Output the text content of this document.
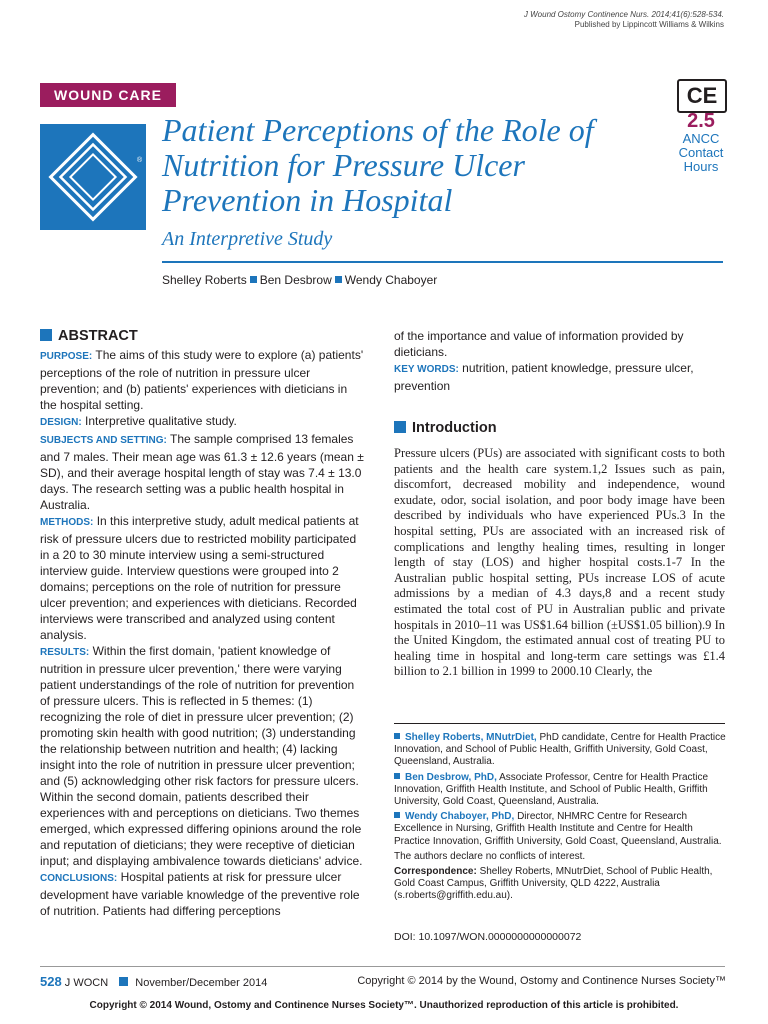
J Wound Ostomy Continence Nurs. 2014;41(6):528-534.
Published by Lippincott Williams & Wilkins
WOUND CARE
®
Patient Perceptions of the Role of Nutrition for Pressure Ulcer Prevention in Hospital
An Interpretive Study
CE
2.5
ANCC
Contact
Hours
Shelley Roberts Ben Desbrow Wendy Chaboyer
ABSTRACT

PURPOSE: The aims of this study were to explore (a) patients' perceptions of the role of nutrition in pressure ulcer prevention; and (b) patients' experiences with dieticians in the hospital setting.

DESIGN: Interpretive qualitative study.

SUBJECTS AND SETTING: The sample comprised 13 females and 7 males. Their mean age was 61.3 ± 12.6 years (mean ± SD), and their average hospital length of stay was 7.4 ± 13.0 days. The research setting was a public health hospital in Australia.

METHODS: In this interpretive study, adult medical patients at risk of pressure ulcers due to restricted mobility participated in a 20 to 30 minute interview using a semi-structured interview guide. Interview questions were grouped into 2 domains; perceptions on the role of nutrition for pressure ulcer prevention; and experiences with dieticians. Recorded interviews were transcribed and analyzed using content analysis.

RESULTS: Within the first domain, 'patient knowledge of nutrition in pressure ulcer prevention,' there were varying patient understandings of the role of nutrition for prevention of pressure ulcers. This is reflected in 5 themes: (1) recognizing the role of diet in pressure ulcer prevention; (2) promoting skin health with good nutrition; (3) understanding the relationship between nutrition and health; (4) lacking insight into the role of nutrition in pressure ulcer prevention; and (5) acknowledging other risk factors for pressure ulcers. Within the second domain, patients described their experiences with and perceptions on dieticians. Two themes emerged, which expressed differing opinions around the role and reputation of dieticians; they were receptive of dietician input; and displaying ambivalence towards dieticians' advice.

CONCLUSIONS: Hospital patients at risk for pressure ulcer development have variable knowledge of the preventive role of nutrition. Patients had differing perceptions

of the importance and value of information provided by dieticians.

KEY WORDS: nutrition, patient knowledge, pressure ulcer, prevention

Introduction

Pressure ulcers (PUs) are associated with significant costs to both patients and the health care system.1,2 Issues such as pain, discomfort, decreased mobility and independence, wound exudate, odor, social isolation, and poor body image have been described by individuals who have experienced PUs.3 In the hospital setting, PUs are associated with an increased risk of complications and lengthy healing times, resulting in longer length of stay (LOS) and higher hospital costs.1-7 In the Australian public hospital setting, PUs increase LOS of acute admissions by a median of 4.3 days,8 and a recent study estimated the total cost of PU in Australian public and private hospitals in 2010–11 was US$1.64 billion (±US$1.05 billion).9 In the United Kingdom, the estimated annual cost of treating PU to healing time in hospital and long-term care settings was £1.4 billion to 2.1 billion in 1999 to 2000.10 Clearly, the

Shelley Roberts, MNutrDiet, PhD candidate, Centre for Health Practice Innovation, and School of Public Health, Griffith University, Gold Coast, Queensland, Australia.

Ben Desbrow, PhD, Associate Professor, Centre for Health Practice Innovation, Griffith Health Institute, and School of Public Health, Griffith University, Gold Coast, Queensland, Australia.

Wendy Chaboyer, PhD, Director, NHMRC Centre for Research Excellence in Nursing, Griffith Health Institute and Centre for Health Practice Innovation, Griffith University, Gold Coast, Queensland, Australia.

The authors declare no conflicts of interest.

Correspondence: Shelley Roberts, MNutrDiet, School of Public Health, Gold Coast Campus, Griffith University, QLD 4222, Australia (s.roberts@griffith.edu.au).

DOI: 10.1097/WON.0000000000000072
528 J WOCN November/December 2014	Copyright © 2014 by the Wound, Ostomy and Continence Nurses Society™
Copyright © 2014 Wound, Ostomy and Continence Nurses Society™. Unauthorized reproduction of this article is prohibited.
